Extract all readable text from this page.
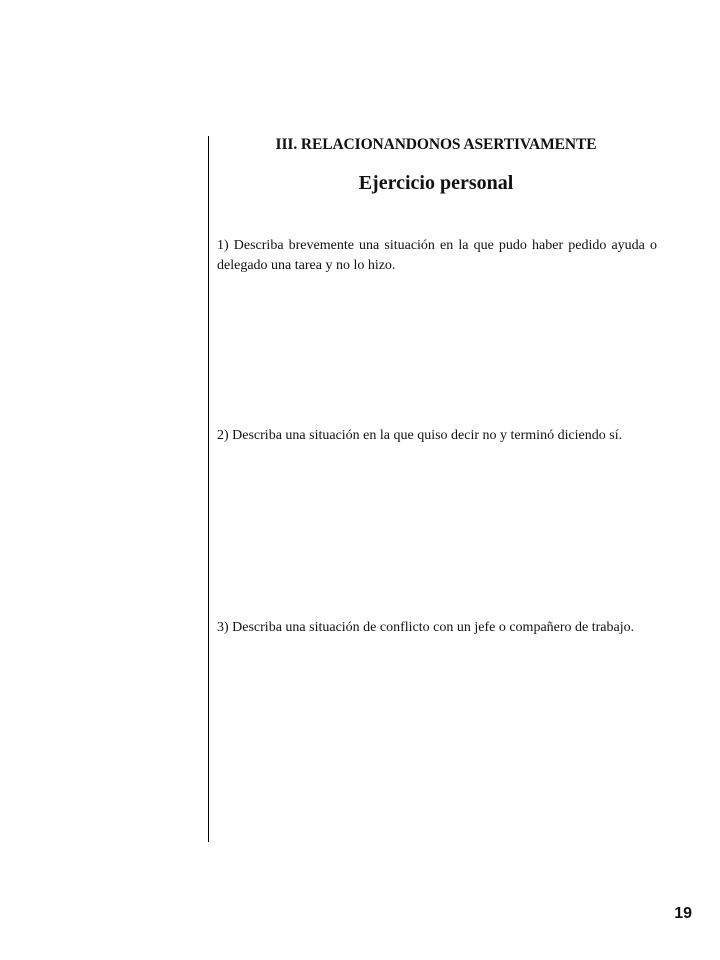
III. RELACIONANDONOS ASERTIVAMENTE
Ejercicio personal
1) Describa brevemente una situación en la que pudo haber pedido ayuda o delegado una tarea y no lo hizo.
2) Describa una situación en la que quiso decir no y terminó diciendo sí.
3) Describa una situación de conflicto con un jefe o compañero de trabajo.
19
